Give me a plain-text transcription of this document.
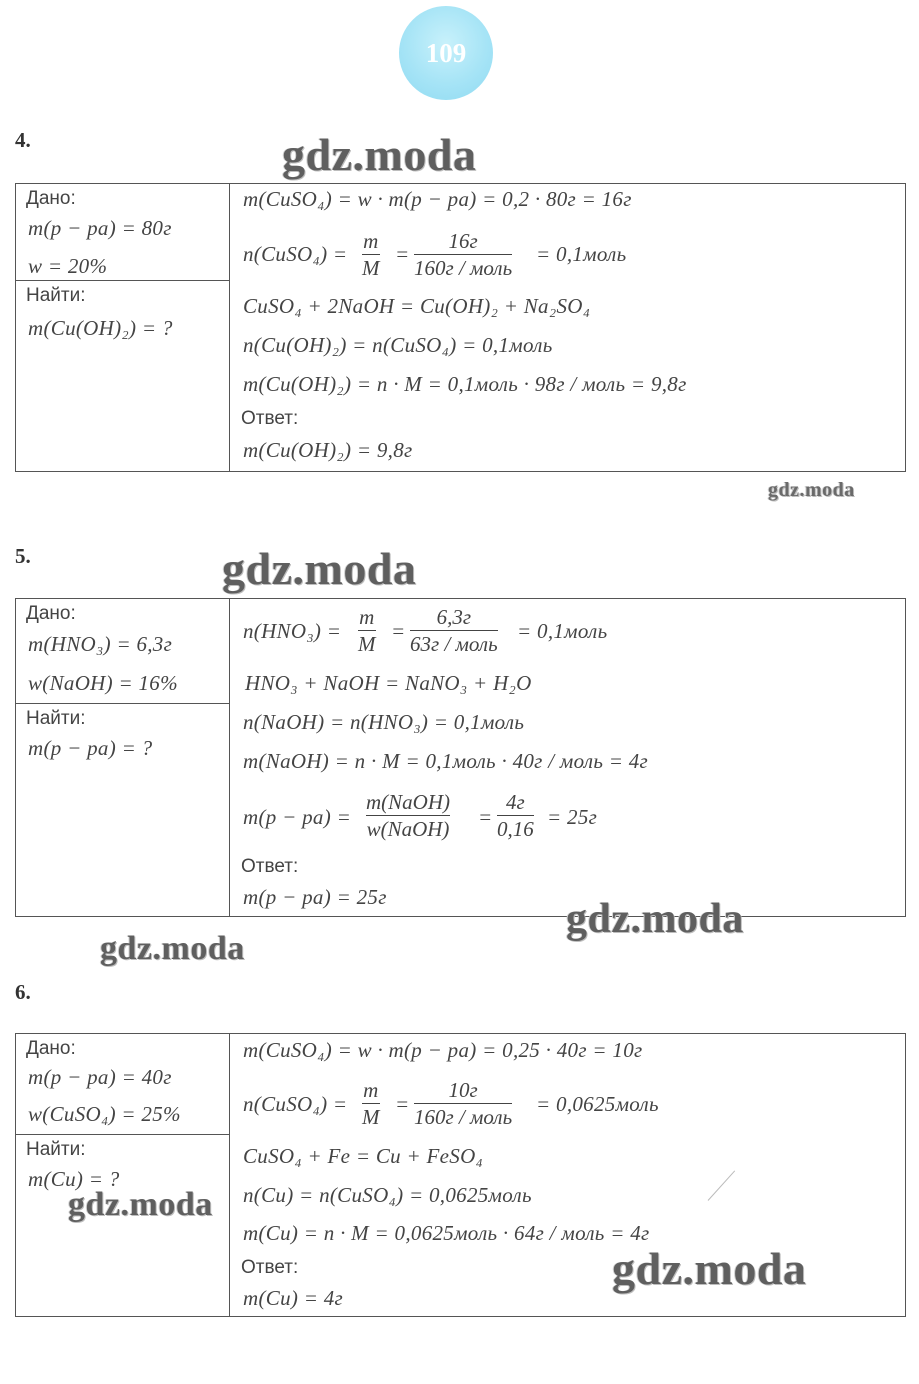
109
4.	gdz.moda
Дано:
m(p − pa) = 80г
w = 20%
Найти:
m(Cu(OH)₂) = ?
m(CuSO₄) = w · m(p − pa) = 0,2 · 80г = 16г
n(CuSO₄) =
m
M
=
16г
160г / моль
= 0,1моль
CuSO₄ + 2NaOH = Cu(OH)₂ + Na₂SO₄
n(Cu(OH)₂) = n(CuSO₄) = 0,1моль
m(Cu(OH)₂) = n · M = 0,1моль · 98г / моль = 9,8г
Ответ:
m(Cu(OH)₂) = 9,8г
gdz.moda
5.	gdz.moda
Дано:
m(HNO₃) = 6,3г
w(NaOH) = 16%
Найти:
m(p − pa) = ?
n(HNO₃) =
m
M
=
6,3г
63г / моль
= 0,1моль
HNO₃ + NaOH = NaNO₃ + H₂O
n(NaOH) = n(HNO₃) = 0,1моль
m(NaOH) = n · M = 0,1моль · 40г / моль = 4г
m(p − pa) =
m(NaOH)
w(NaOH) =
4г
0,16 = 25г
Ответ:
m(p − pa) = 25г	gdz.moda
gdz.moda
6.
Дано:
m(p − pa) = 40г
w(CuSO₄) = 25%
Найти:
m(Cu) = ?
m(CuSO₄) = w · m(p − pa) = 0,25 · 40г = 10г
n(CuSO₄) =
m
M
=
10г
160г / моль
= 0,0625моль
CuSO₄ + Fe = Cu + FeSO₄
n(Cu) = n(CuSO₄) = 0,0625моль
m(Cu) = n · M = 0,0625моль · 64г / моль = 4г
Ответ:
m(Cu) = 4г
gdz.moda
gdz.moda
